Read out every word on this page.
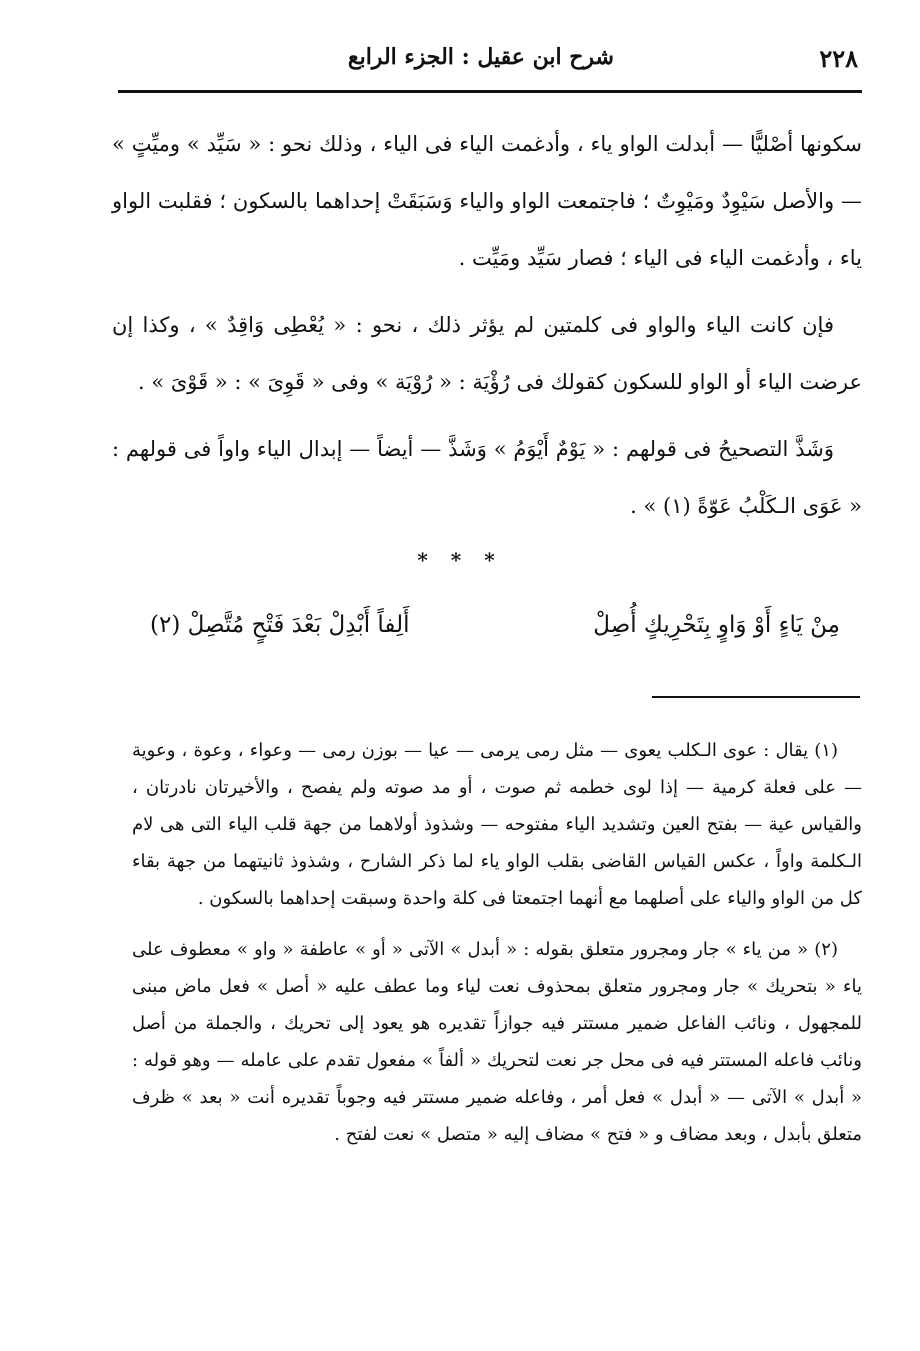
٢٢٨
شرح ابن عقيل : الجزء الرابع

سكونها أصْليًّا — أبدلت الواو ياء ، وأدغمت الياء فى الياء ، وذلك نحو : « سَيِّد » وميِّتٍ » — والأصل سَيْوِدٌ ومَيْوِتٌ ؛ فاجتمعت الواو والياء وَسَبَقَتْ إحداهما بالسكون ؛ فقلبت الواو ياء ، وأدغمت الياء فى الياء ؛ فصار سَيِّد ومَيِّت .

فإن كانت الياء والواو فى كلمتين لم يؤثر ذلك ، نحو : « يُعْطِى وَاقِدٌ » ، وكذا إن عرضت الياء أو الواو للسكون كقولك فى رُؤْيَة : « رُوْيَة » وفى « قَوِىَ » : « قَوْىَ » .

وَشَذَّ التصحيحُ فى قولهم : « يَوْمٌ أَيْوَمُ » وَشَذَّ — أيضاً — إبدال الياء واواً فى قولهم : « عَوَى الـكَلْبُ عَوّةً (١) » .

* * *
مِنْ يَاءٍ أَوْ وَاوٍ بِتَحْرِيكٍ أُصِلْ
أَلِفاً أَبْدِلْ بَعْدَ فَتْحٍ مُتَّصِلْ (٢)

(١) يقال : عوى الـكلب يعوى — مثل رمى يرمى — عيا — بوزن رمى — وعواء ، وعوة ، وعوية — على فعلة كرمية — إذا لوى خطمه ثم صوت ، أو مد صوته ولم يفصح ، والأخيرتان نادرتان ، والقياس عية — بفتح العين وتشديد الياء مفتوحه — وشذوذ أولاهما من جهة قلب الياء التى هى لام الـكلمة واواً ، عكس القياس القاضى بقلب الواو ياء لما ذكر الشارح ، وشذوذ ثانيتهما من جهة بقاء كل من الواو والياء على أصلهما مع أنهما اجتمعتا فى كلة واحدة وسبقت إحداهما بالسكون .

(٢) « من ياء » جار ومجرور متعلق بقوله : « أبدل » الآتى « أو » عاطفة « واو » معطوف على ياء « بتحريك » جار ومجرور متعلق بمحذوف نعت لياء وما عطف عليه « أصل » فعل ماض مبنى للمجهول ، ونائب الفاعل ضمير مستتر فيه جوازاً تقديره هو يعود إلى تحريك ، والجملة من أصل ونائب فاعله المستتر فيه فى محل جر نعت لتحريك « ألفاً » مفعول تقدم على عامله — وهو قوله : « أبدل » الآتى — « أبدل » فعل أمر ، وفاعله ضمير مستتر فيه وجوباً تقديره أنت « بعد » ظرف متعلق بأبدل ، وبعد مضاف و « فتح » مضاف إليه « متصل » نعت لفتح .
